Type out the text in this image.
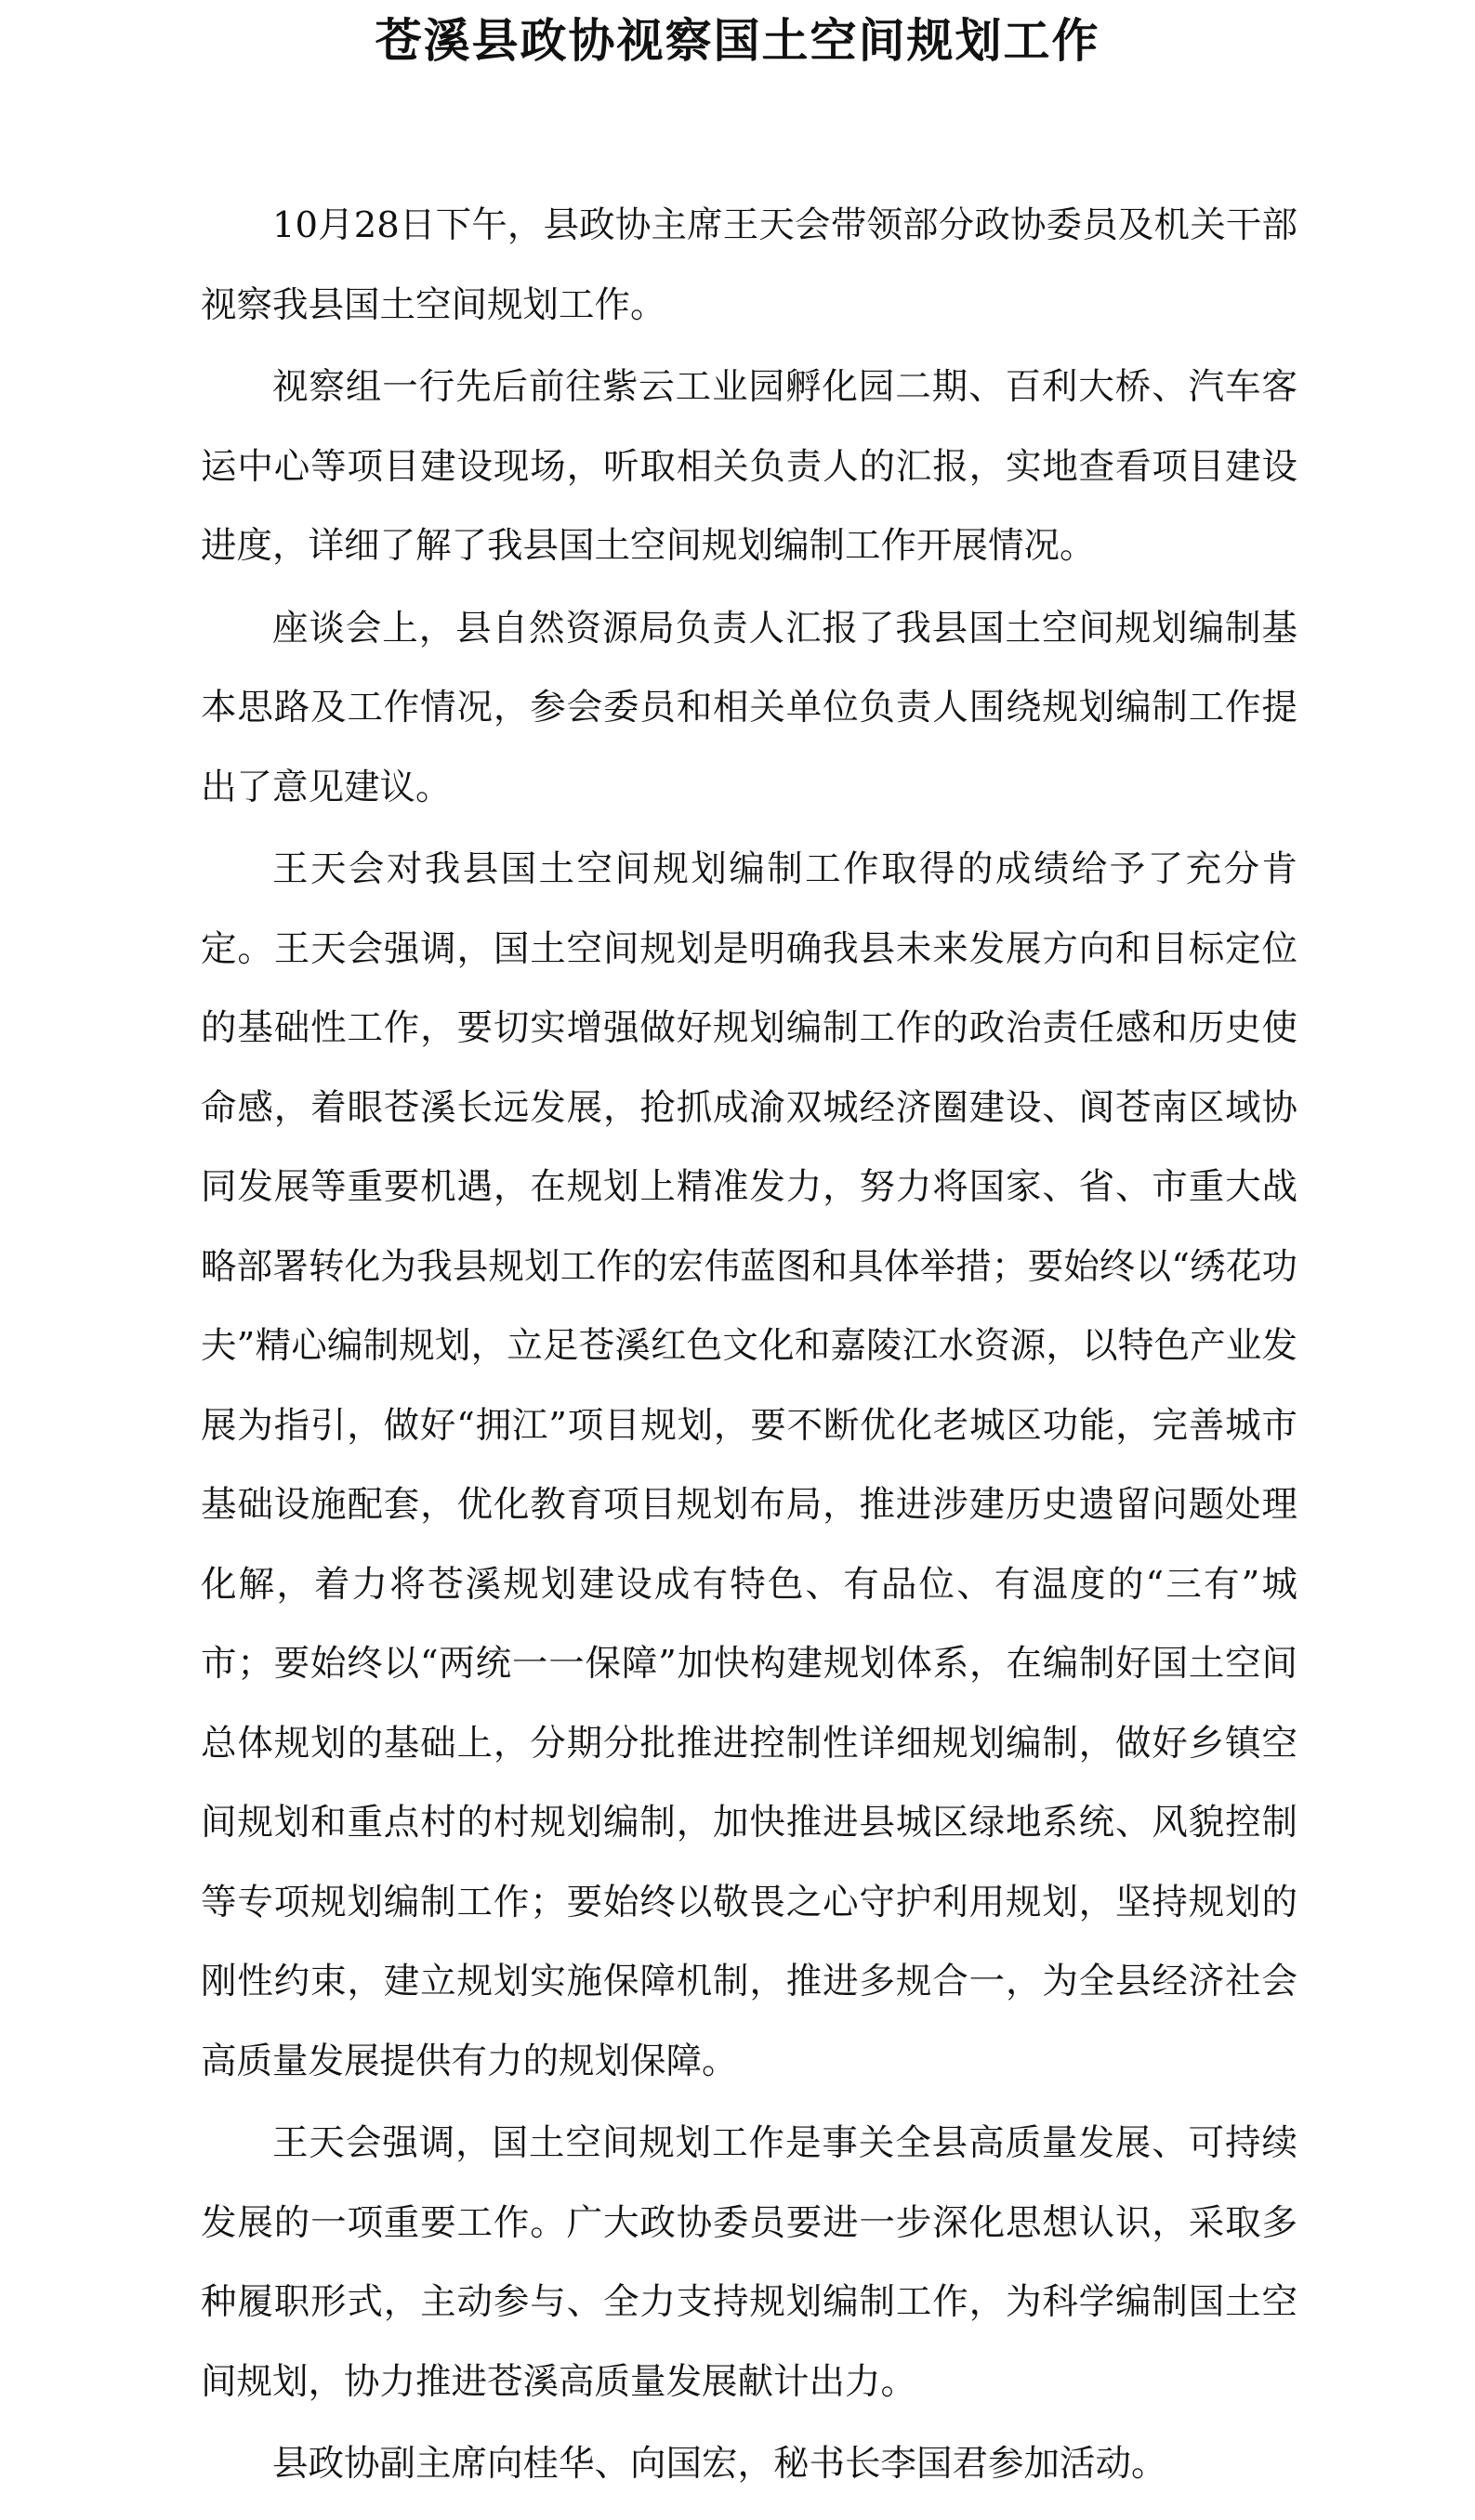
苍溪县政协视察国土空间规划工作

10月28日下午，县政协主席王天会带领部分政协委员及机关干部视察我县国土空间规划工作。

视察组一行先后前往紫云工业园孵化园二期、百利大桥、汽车客运中心等项目建设现场，听取相关负责人的汇报，实地查看项目建设进度，详细了解了我县国土空间规划编制工作开展情况。

座谈会上，县自然资源局负责人汇报了我县国土空间规划编制基本思路及工作情况，参会委员和相关单位负责人围绕规划编制工作提出了意见建议。

王天会对我县国土空间规划编制工作取得的成绩给予了充分肯定。王天会强调，国土空间规划是明确我县未来发展方向和目标定位的基础性工作，要切实增强做好规划编制工作的政治责任感和历史使命感，着眼苍溪长远发展，抢抓成渝双城经济圈建设、阆苍南区域协同发展等重要机遇，在规划上精准发力，努力将国家、省、市重大战略部署转化为我县规划工作的宏伟蓝图和具体举措；要始终以“绣花功夫”精心编制规划，立足苍溪红色文化和嘉陵江水资源，以特色产业发展为指引，做好“拥江”项目规划，要不断优化老城区功能，完善城市基础设施配套，优化教育项目规划布局，推进涉建历史遗留问题处理化解，着力将苍溪规划建设成有特色、有品位、有温度的“三有”城市；要始终以“两统一一保障”加快构建规划体系，在编制好国土空间总体规划的基础上，分期分批推进控制性详细规划编制，做好乡镇空间规划和重点村的村规划编制，加快推进县城区绿地系统、风貌控制等专项规划编制工作；要始终以敬畏之心守护利用规划，坚持规划的刚性约束，建立规划实施保障机制，推进多规合一，为全县经济社会高质量发展提供有力的规划保障。

王天会强调，国土空间规划工作是事关全县高质量发展、可持续发展的一项重要工作。广大政协委员要进一步深化思想认识，采取多种履职形式，主动参与、全力支持规划编制工作，为科学编制国土空间规划，协力推进苍溪高质量发展献计出力。

县政协副主席向桂华、向国宏，秘书长李国君参加活动。
